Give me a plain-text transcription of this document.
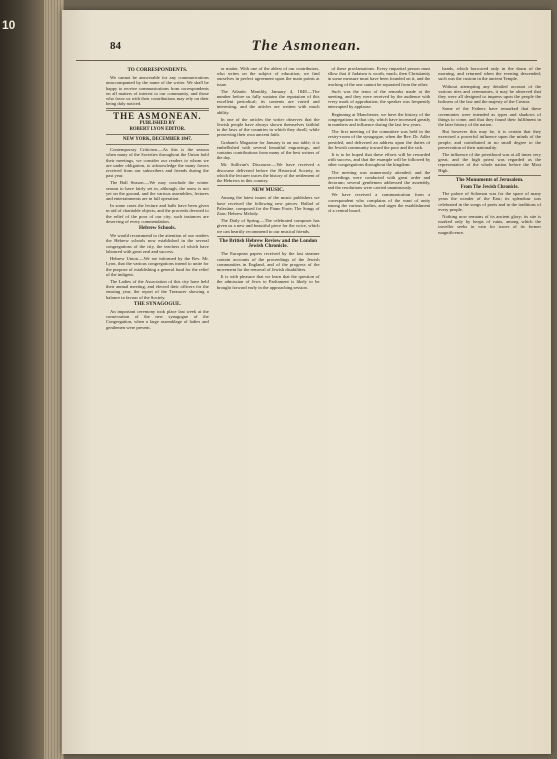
10
84	The Asmonean.
TO CORRESPONDENTS.

We cannot be answerable for any communications unaccompanied by the name of the writer. We shall be happy to receive communications from correspondents on all matters of interest to our community, and those who favor us with their contributions may rely on their being duly noticed.

THE ASMONEAN.
PUBLISHED BY
ROBERT LYON EDITOR.
NEW YORK, DECEMBER 1847.

Contemporary Criticism.—As this is the season when many of the Societies throughout the Union hold their meetings, we consider our readers to whom we are under obligation, to acknowledge the many favors received from our subscribers and friends during the past year.

The Ball Season.—We may conclude the winter season to have fairly set in, although, the snow is not yet on the ground, and the various assemblies, lectures and entertainments are in full operation.

In some cases the lecture and balls have been given in aid of charitable objects, and the proceeds devoted to the relief of the poor of our city; such instances are deserving of every commendation.

Hebrew Schools.

We would recommend to the attention of our readers the Hebrew schools now established in the several congregations of the city, the teachers of which have laboured with great zeal and success.

Hebrew Union.—We are informed by the Rev. Mr. Lyon, that the various congregations intend to unite for the purpose of establishing a general fund for the relief of the indigent.

The Ladies of the Association of this city have held their annual meeting, and elected their officers for the ensuing year, the report of the Treasurer showing a balance in favour of the Society.

THE SYNAGOGUE.

An important ceremony took place last week at the consecration of the new synagogue of the Congregation, when a large assemblage of ladies and gentlemen were present.

or matter. With one of the ablest of our contributors, who writes on the subject of education, we find ourselves in perfect agreement upon the main points at issue.

The Atlantic Monthly, January 4, 1848.—The number before us fully sustains the reputation of this excellent periodical; its contents are varied and interesting, and the articles are written with much ability.

In one of the articles the writer observes that the Jewish people have always shown themselves faithful to the laws of the countries in which they dwell, while preserving their own ancient faith.

Graham's Magazine for January is on our table; it is embellished with several beautiful engravings, and contains contributions from many of the best writers of the day.

Mr. Sullivan's Discourse.—We have received a discourse delivered before the Historical Society, in which the lecturer traces the history of the settlement of the Hebrews in this country.

NEW MUSIC.

Among the latest issues of the music publishers we have received the following new pieces: Ballad of Palestine, composed for the Piano Forte; The Songs of Zion; Hebrew Melody.

The Daily of Spring.—The celebrated composer has given us a new and beautiful piece for the voice, which we can heartily recommend to our musical friends.

The British Hebrew Review and the London Jewish Chronicle.

The European papers received by the last steamer contain accounts of the proceedings of the Jewish communities in England, and of the progress of the movement for the removal of Jewish disabilities.

It is with pleasure that we learn that the question of the admission of Jews to Parliament is likely to be brought forward early in the approaching session.

of these proclamations. Every impartial person must allow that if Judaism is worth, much, then Christianity in some measure must have been founded on it, and the teaching of the one cannot be separated from the other.

Such was the tenor of the remarks made at the meeting, and they were received by the audience with every mark of approbation; the speaker was frequently interrupted by applause.

Beginning at Manchester, we have the history of the congregations in that city, which have increased greatly in numbers and influence during the last few years.

The first meeting of the committee was held in the vestry-room of the synagogue, when the Rev. Dr. Adler presided, and delivered an address upon the duties of the Jewish community toward the poor and the sick.

It is to be hoped that these efforts will be rewarded with success, and that the example will be followed by other congregations throughout the kingdom.

The meeting was numerously attended, and the proceedings were conducted with great order and decorum; several gentlemen addressed the assembly, and the resolutions were carried unanimously.

We have received a communication from a correspondent who complains of the want of unity among the various bodies, and urges the establishment of a central board.

hands, which borrowed only in the dawn of the morning, and returned when the evening descended; such was the custom in the ancient Temple.

Without attempting any detailed account of the various rites and ceremonies, it may be observed that they were all designed to impress upon the people the holiness of the law and the majesty of the Creator.

Some of the Fathers have remarked that these ceremonies were intended as types and shadows of things to come, and that they found their fulfilment in the later history of the nation.

But however this may be, it is certain that they exercised a powerful influence upon the minds of the people, and contributed in no small degree to the preservation of their nationality.

The influence of the priesthood was at all times very great, and the high priest was regarded as the representative of the whole nation before the Most High.

The Monuments of Jerusalem.
From The Jewish Chronicle.

The palace of Solomon was for the space of many years the wonder of the East; its splendour was celebrated in the songs of poets and in the traditions of every people.

Nothing now remains of its ancient glory; its site is marked only by heaps of ruins, among which the traveller seeks in vain for traces of its former magnificence.
